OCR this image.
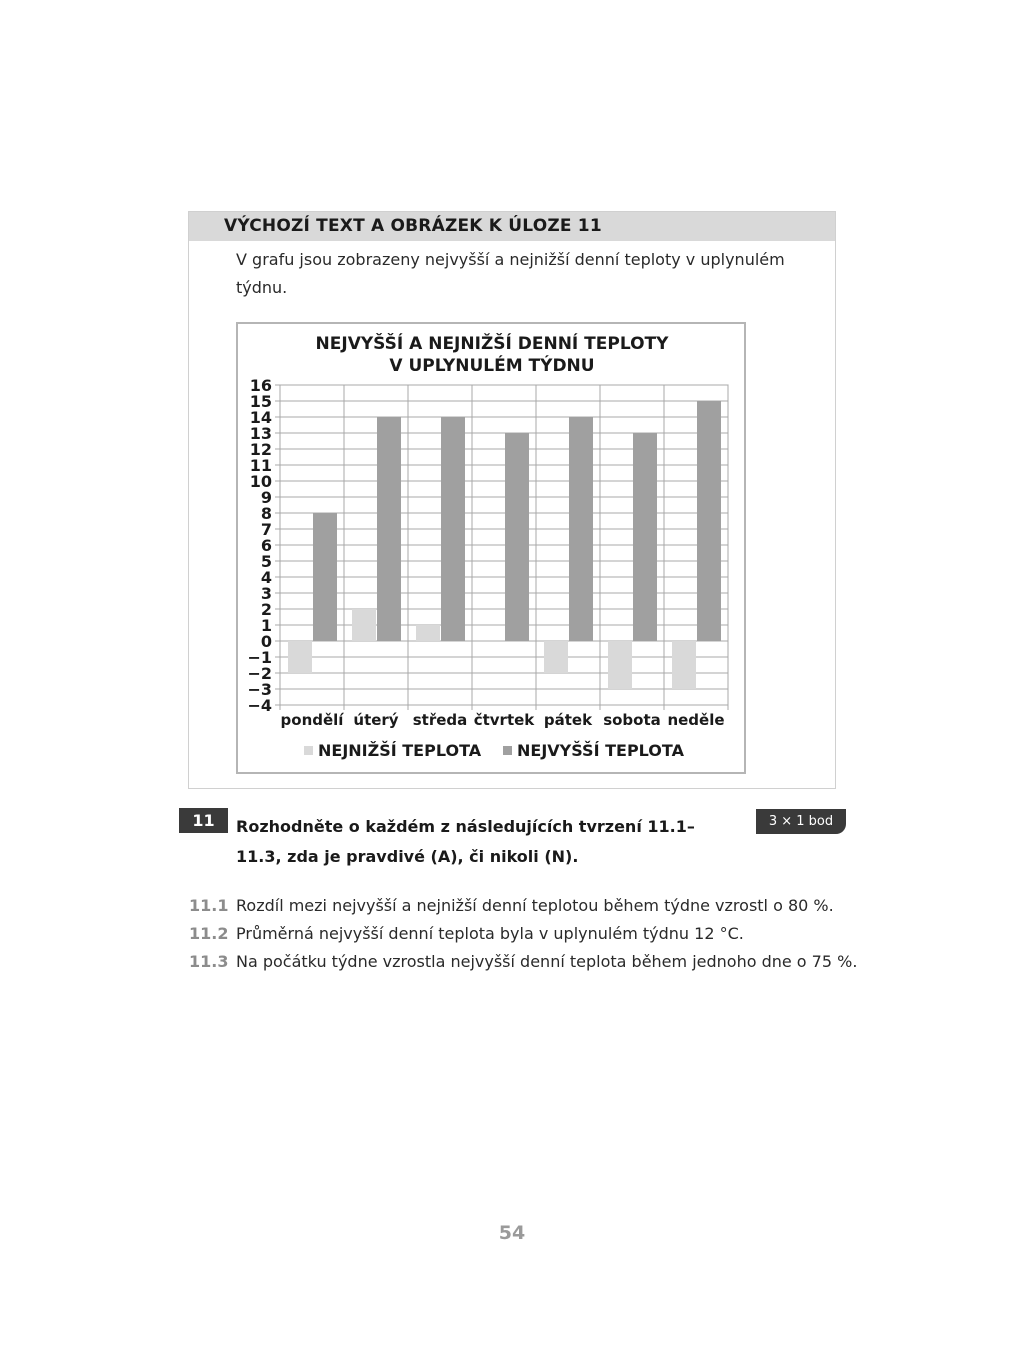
VÝCHOZÍ TEXT A OBRÁZEK K ÚLOZE 11
V grafu jsou zobrazeny nejvyšší a nejnižší denní teploty v uplynulém týdnu.
NEJVYŠŠÍ A NEJNIŽŠÍ DENNÍ TEPLOTY
V UPLYNULÉM TÝDNU
16
15
14
13
12
11
10
9
8
7
6
5
4
3
2
1
0
−1
−2
−3
−4
pondělí úterý středa čtvrtek pátek sobota neděle
NEJNIŽŠÍ TEPLOTA NEJVYŠŠÍ TEPLOTA
11	Rozhodněte o každém z následujících tvrzení 11.1–11.3, zda je pravdivé (A), či nikoli (N).
3 × 1 bod
11.1 Rozdíl mezi nejvyšší a nejnižší denní teplotou během týdne vzrostl o 80 %.
11.2 Průměrná nejvyšší denní teplota byla v uplynulém týdnu 12 °C.
11.3 Na počátku týdne vzrostla nejvyšší denní teplota během jednoho dne o 75 %.
54
